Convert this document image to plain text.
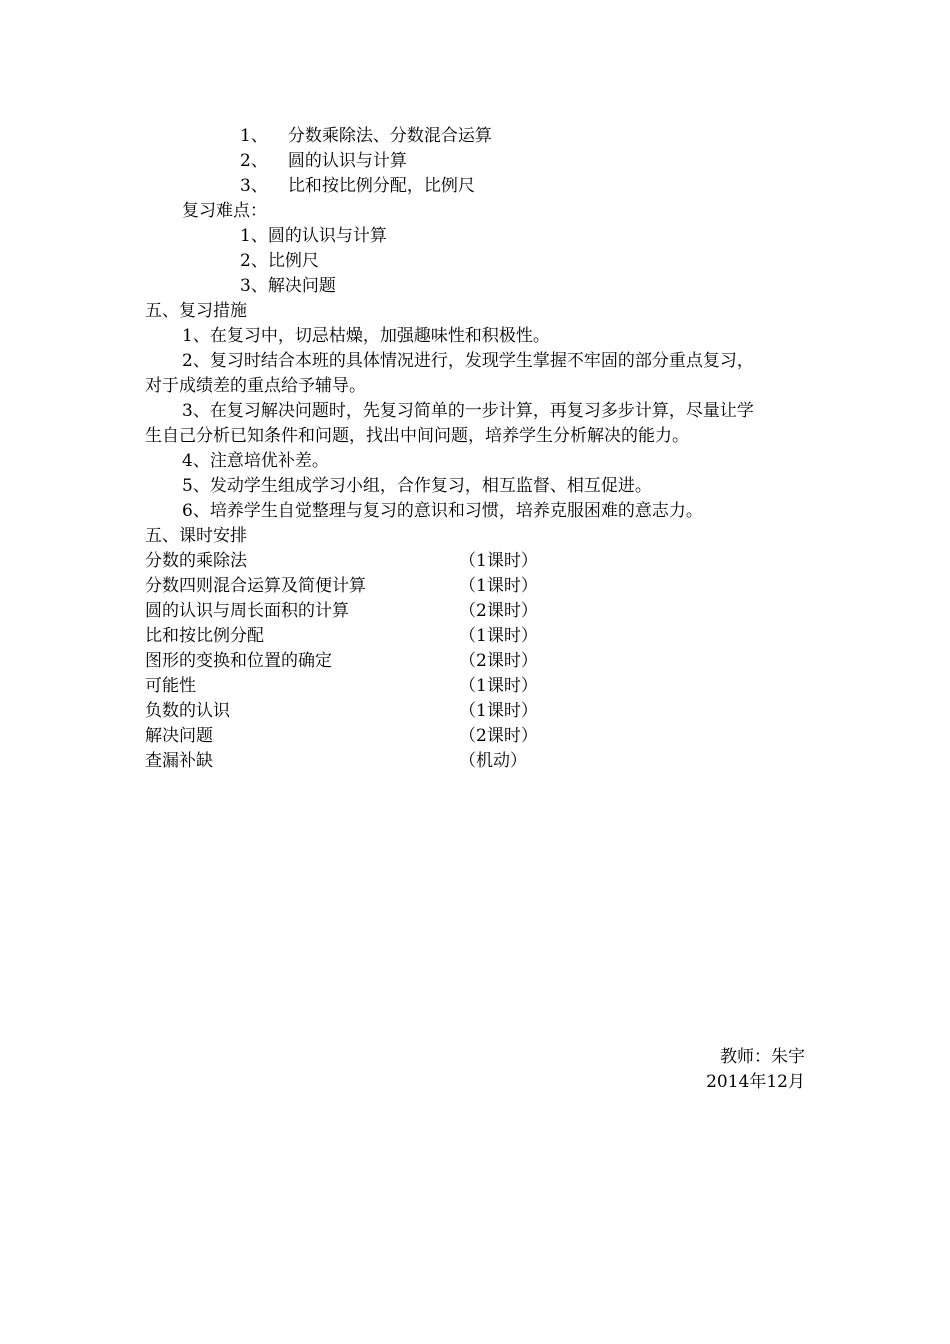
1、 分数乘除法、分数混合运算
2、 圆的认识与计算
3、 比和按比例分配，比例尺
复习难点：
1、圆的认识与计算
2、比例尺
3、解决问题
五、复习措施
1、在复习中，切忌枯燥，加强趣味性和积极性。
2、复习时结合本班的具体情况进行，发现学生掌握不牢固的部分重点复习，
对于成绩差的重点给予辅导。
3、在复习解决问题时，先复习简单的一步计算，再复习多步计算，尽量让学
生自己分析已知条件和问题，找出中间问题，培养学生分析解决的能力。
4、注意培优补差。
5、发动学生组成学习小组，合作复习，相互监督、相互促进。
6、培养学生自觉整理与复习的意识和习惯，培养克服困难的意志力。
五、课时安排
分数的乘除法	（1课时）
分数四则混合运算及简便计算	（1课时）
圆的认识与周长面积的计算	（2课时）
比和按比例分配	（1课时）
图形的变换和位置的确定	（2课时）
可能性	（1课时）
负数的认识	（1课时）
解决问题	（2课时）
查漏补缺	（机动）
教师：朱宇
2014年12月
